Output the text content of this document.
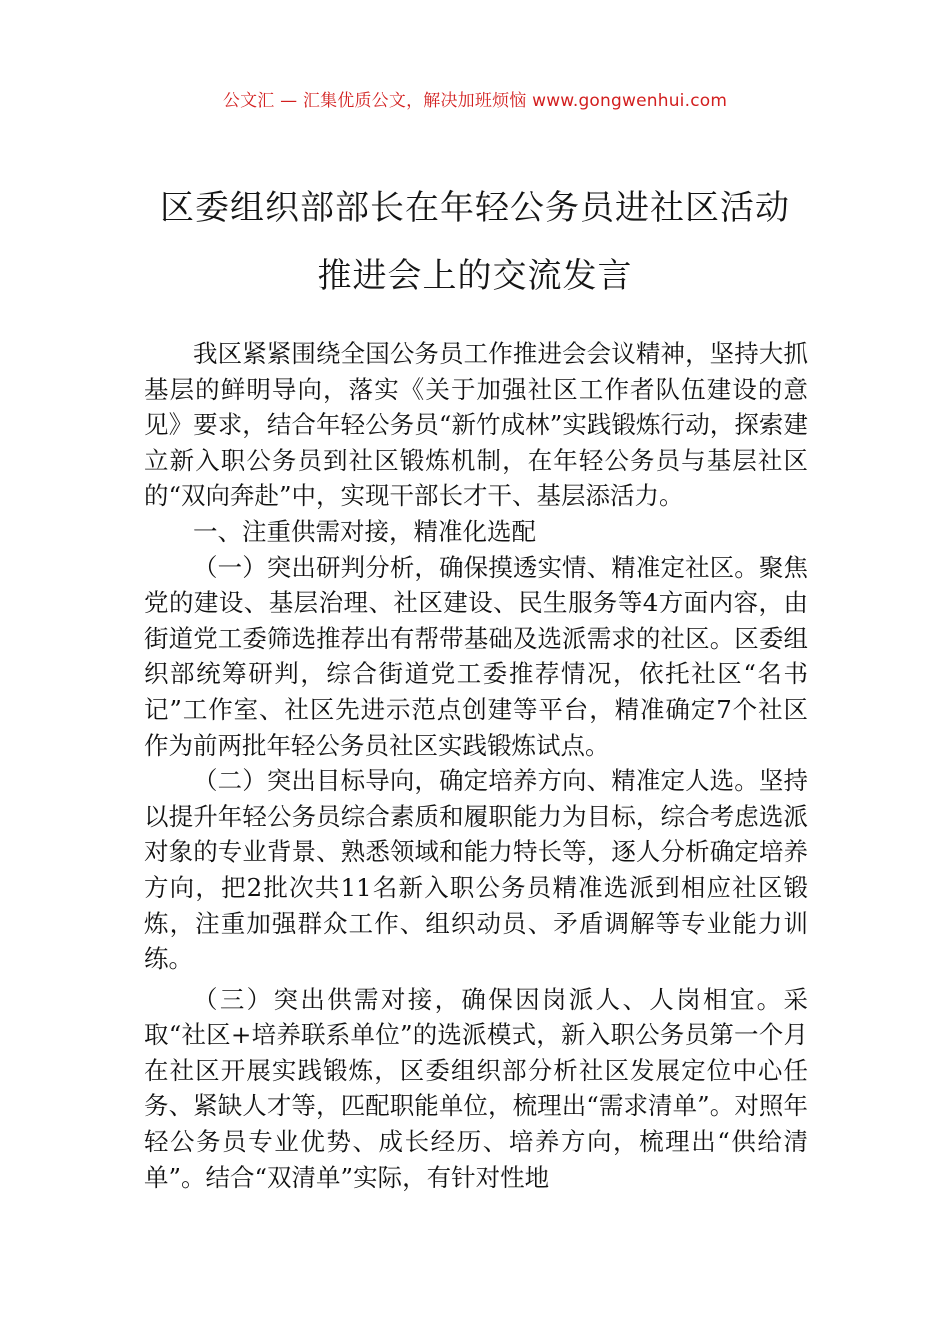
公文汇 — 汇集优质公文，解决加班烦恼 www.gongwenhui.com
区委组织部部长在年轻公务员进社区活动
推进会上的交流发言

我区紧紧围绕全国公务员工作推进会会议精神，坚持大抓基层的鲜明导向，落实《关于加强社区工作者队伍建设的意见》要求，结合年轻公务员“新竹成林”实践锻炼行动，探索建立新入职公务员到社区锻炼机制，在年轻公务员与基层社区的“双向奔赴”中，实现干部长才干、基层添活力。

一、注重供需对接，精准化选配

（一）突出研判分析，确保摸透实情、精准定社区。聚焦党的建设、基层治理、社区建设、民生服务等4方面内容，由街道党工委筛选推荐出有帮带基础及选派需求的社区。区委组织部统筹研判，综合街道党工委推荐情况，依托社区“名书记”工作室、社区先进示范点创建等平台，精准确定7个社区作为前两批年轻公务员社区实践锻炼试点。

（二）突出目标导向，确定培养方向、精准定人选。坚持以提升年轻公务员综合素质和履职能力为目标，综合考虑选派对象的专业背景、熟悉领域和能力特长等，逐人分析确定培养方向，把2批次共11名新入职公务员精准选派到相应社区锻炼，注重加强群众工作、组织动员、矛盾调解等专业能力训练。

（三）突出供需对接，确保因岗派人、人岗相宜。采取“社区+培养联系单位”的选派模式，新入职公务员第一个月在社区开展实践锻炼，区委组织部分析社区发展定位中心任务、紧缺人才等，匹配职能单位，梳理出“需求清单”。对照年轻公务员专业优势、成长经历、培养方向，梳理出“供给清单”。结合“双清单”实际，有针对性地
